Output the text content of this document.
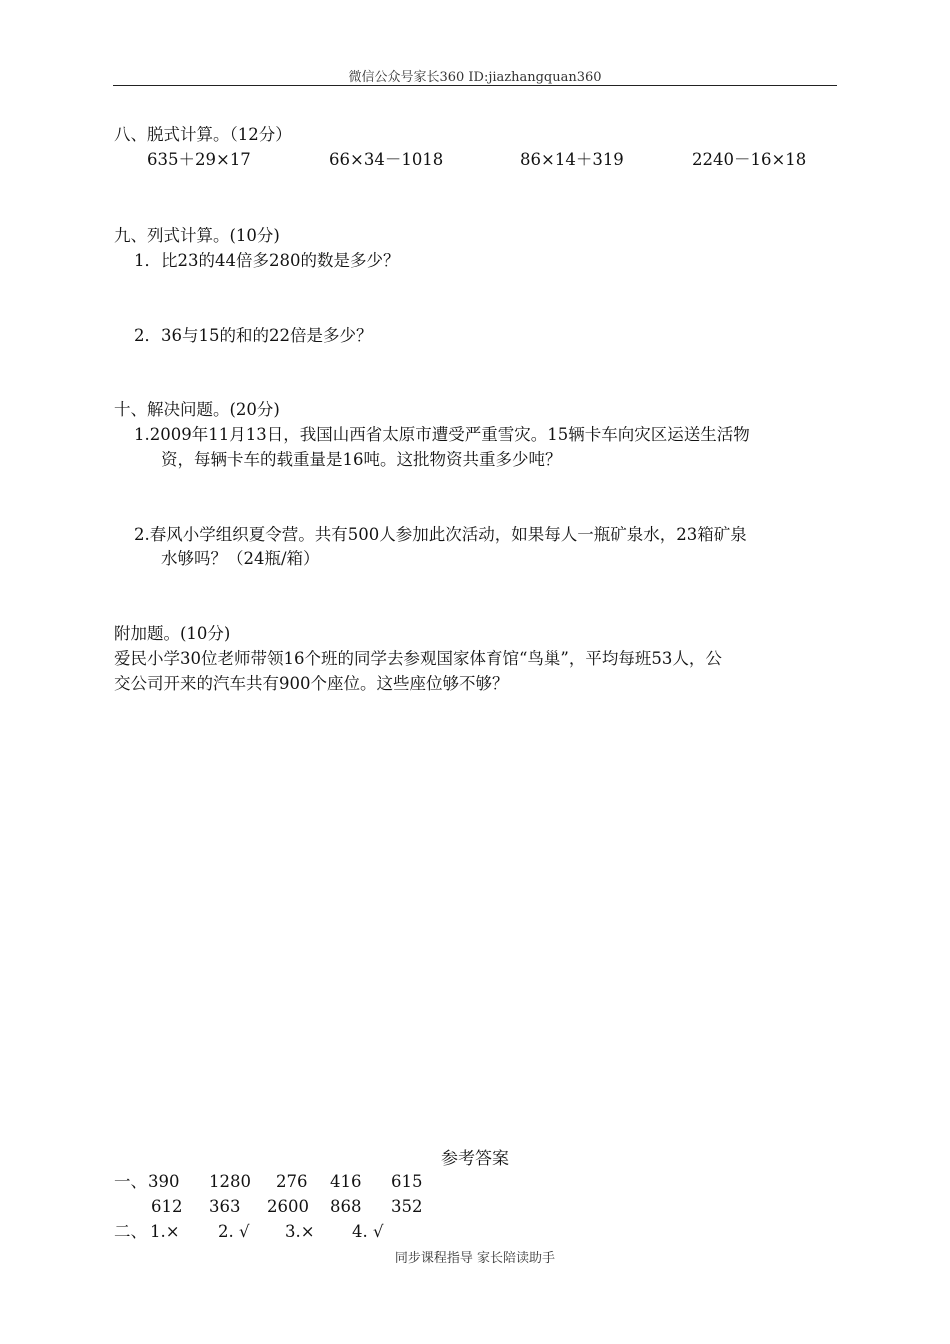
微信公众号家长360 ID:jiazhangquan360
八、脱式计算。（12分）
635＋29×17	66×34－1018	86×14＋319	2240－16×18
九、列式计算。(10分)
1．比23的44倍多280的数是多少？
2．36与15的和的22倍是多少？
十、解决问题。(20分)
1.2009年11月13日，我国山西省太原市遭受严重雪灾。15辆卡车向灾区运送生活物
资，每辆卡车的载重量是16吨。这批物资共重多少吨？
2.春风小学组织夏令营。共有500人参加此次活动，如果每人一瓶矿泉水，23箱矿泉
水够吗？（24瓶/箱）
附加题。(10分)
爱民小学30位老师带领16个班的同学去参观国家体育馆“鸟巢”，平均每班53人，公
交公司开来的汽车共有900个座位。这些座位够不够？
参考答案
一、 390 1280 276 416 615
612 363 2600 868 352
二、 1.× 2. √ 3.× 4. √
同步课程指导 家长陪读助手
